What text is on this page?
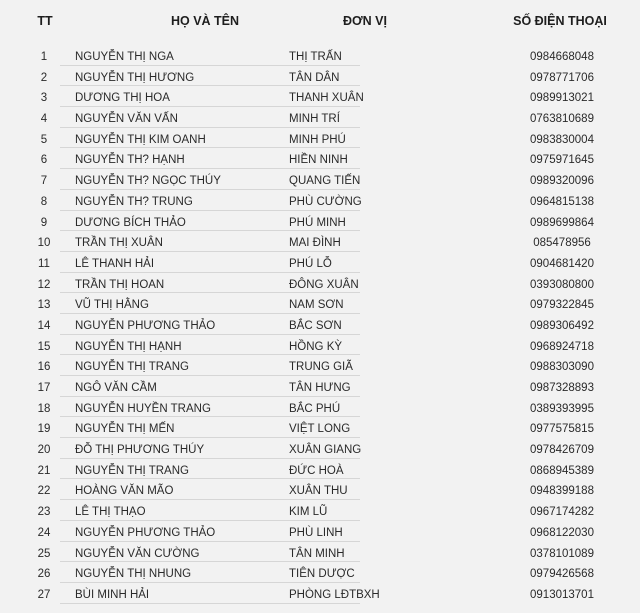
TT	HỌ VÀ TÊN	ĐƠN VỊ	SỐ ĐIỆN THOẠI
1	NGUYỄN THỊ NGA	THỊ TRẤN	0984668048
2	NGUYỄN THỊ HƯƠNG	TÂN DÂN	0978771706
3	DƯƠNG THỊ HOA	THANH XUÂN	0989913021
4	NGUYỄN VĂN VẤN	MINH TRÍ	0763810689
5	NGUYỄN THỊ KIM OANH	MINH PHÚ	0983830004
6	NGUYỄN TH? HẠNH	HIỀN NINH	0975971645
7	NGUYỄN TH? NGỌC THÚY	QUANG TIẾN	0989320096
8	NGUYỄN TH? TRUNG	PHÙ CƯỜNG	0964815138
9	DƯƠNG BÍCH THẢO	PHÚ MINH	0989699864
10	TRẦN THỊ XUÂN	MAI ĐÌNH	085478956
11	LÊ THANH HẢI	PHÚ LỖ	0904681420
12	TRẦN THỊ HOAN	ĐÔNG XUÂN	0393080800
13	VŨ THỊ HẰNG	NAM SƠN	0979322845
14	NGUYỄN PHƯƠNG THẢO	BẮC SƠN	0989306492
15	NGUYỄN THỊ HẠNH	HỒNG KỲ	0968924718
16	NGUYỄN THỊ TRANG	TRUNG GIÃ	0988303090
17	NGÔ VĂN CẦM	TÂN HƯNG	0987328893
18	NGUYỄN HUYỀN TRANG	BẮC PHÚ	0389393995
19	NGUYỄN THỊ MẾN	VIỆT LONG	0977575815
20	ĐỖ THỊ PHƯƠNG THÚY	XUÂN GIANG	0978426709
21	NGUYỄN THỊ TRANG	ĐỨC HOÀ	0868945389
22	HOÀNG VĂN MÃO	XUÂN THU	0948399188
23	LÊ THỊ THẠO	KIM LŨ	0967174282
24	NGUYỄN PHƯƠNG THẢO	PHÙ LINH	0968122030
25	NGUYỄN VĂN CƯỜNG	TÂN MINH	0378101089
26	NGUYỄN THỊ NHUNG	TIÊN DƯỢC	0979426568
27	BÙI MINH HẢI	PHÒNG LĐTBXH	0913013701
